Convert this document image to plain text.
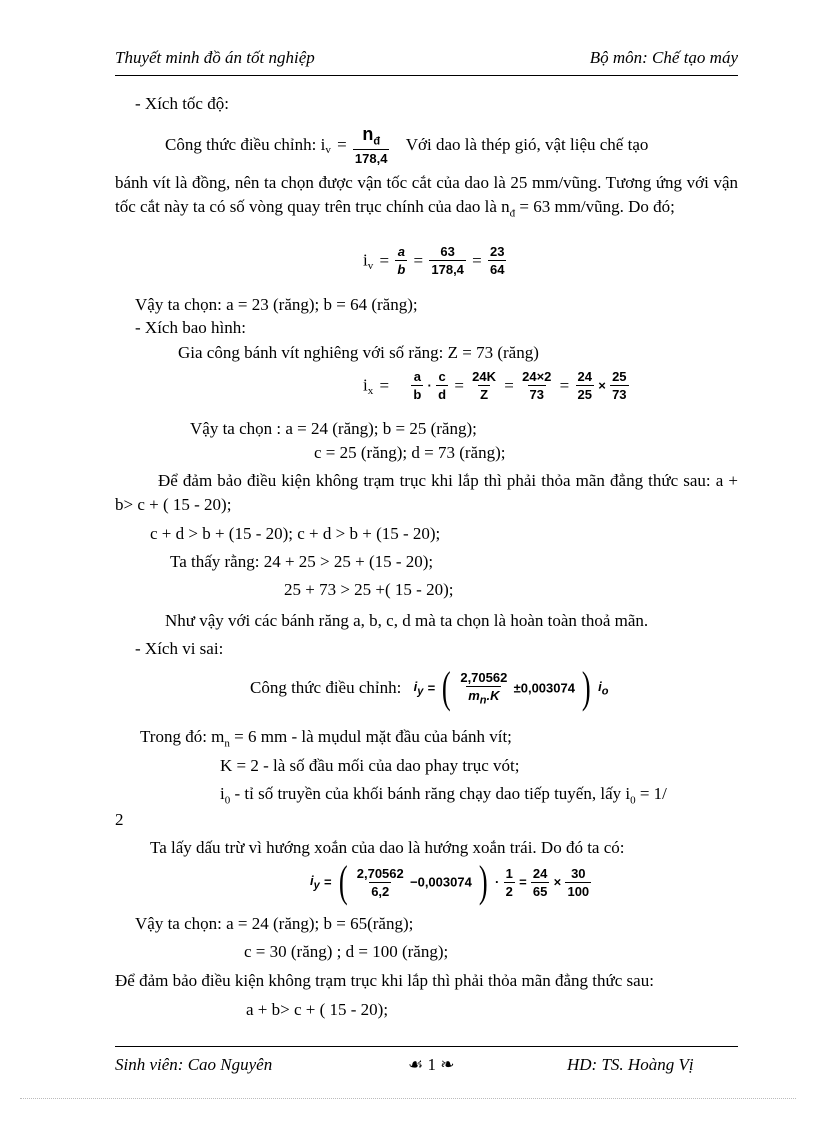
Thuyết minh đồ án tốt nghiệp	Bộ môn: Chế tạo máy
- Xích tốc độ:
Công thức điều chỉnh: $i_v = \frac{n_đ}{178,4}$ Với dao là thép gió, vật liệu chế tạo
bánh vít là đồng, nên ta chọn được vận tốc cắt của dao là 25 mm/vũng. Tương ứng với vận tốc cắt này ta có số vòng quay trên trục chính của dao là $n_đ = 63$ mm/vũng. Do đó;
$i_v = \frac{a}{b} = \frac{63}{178,4} = \frac{23}{64}$
Vậy ta chọn: a = 23 (răng); b = 64 (răng);
- Xích bao hình:
Gia công bánh vít nghiêng với số răng: Z = 73 (răng)
$i_x = \frac{a}{b} \cdot \frac{c}{d} = \frac{24K}{Z} = \frac{24\times 2}{73} = \frac{24}{25} \times \frac{25}{73}$
Vậy ta chọn : a = 24 (răng); b = 25 (răng);
c = 25 (răng); d = 73 (răng);
Để đảm bảo điều kiện không trạm trục khi lắp thì phải thỏa mãn đẳng thức sau: a + b> c + ( 15 - 20);
c + d > b + (15 - 20); c + d > b + (15 - 20);
Ta thấy rằng: 24 + 25 > 25 + (15 - 20);
25 + 73 > 25 +( 15 - 20);
Như vậy với các bánh răng a, b, c, d mà ta chọn là hoàn toàn thoả mãn.
- Xích vi sai:
Công thức điều chỉnh: $i_y$ = ( $\frac{2,70562}{m_n.K} \pm 0,003074$ ) $i_o$
Trong đó: $m_n = 6$ mm - là mụdul mặt đầu của bánh vít;
K = 2 - là số đầu mối của dao phay trục vót;
$i_0$ - tỉ số truyền của khối bánh răng chạy dao tiếp tuyến, lấy $i_0 = 1/$
2
Ta lấy dấu trừ vì hướng xoắn của dao là hướng xoắn trái. Do đó ta có:
$i_y$ = ( $\frac{2,70562}{6,2} -0,003074$ ) · $\frac{1}{2} = \frac{24}{65} \times \frac{30}{100}$
Vậy ta chọn: a = 24 (răng); b = 65(răng);
c = 30 (răng) ; d = 100 (răng);
Để đảm bảo điều kiện không trạm trục khi lắp thì phải thỏa mãn đẳng thức sau:
a + b> c + ( 15 - 20);
Sinh viên: Cao Nguyên	☙ 1 ❧	HD: TS. Hoàng Vị
